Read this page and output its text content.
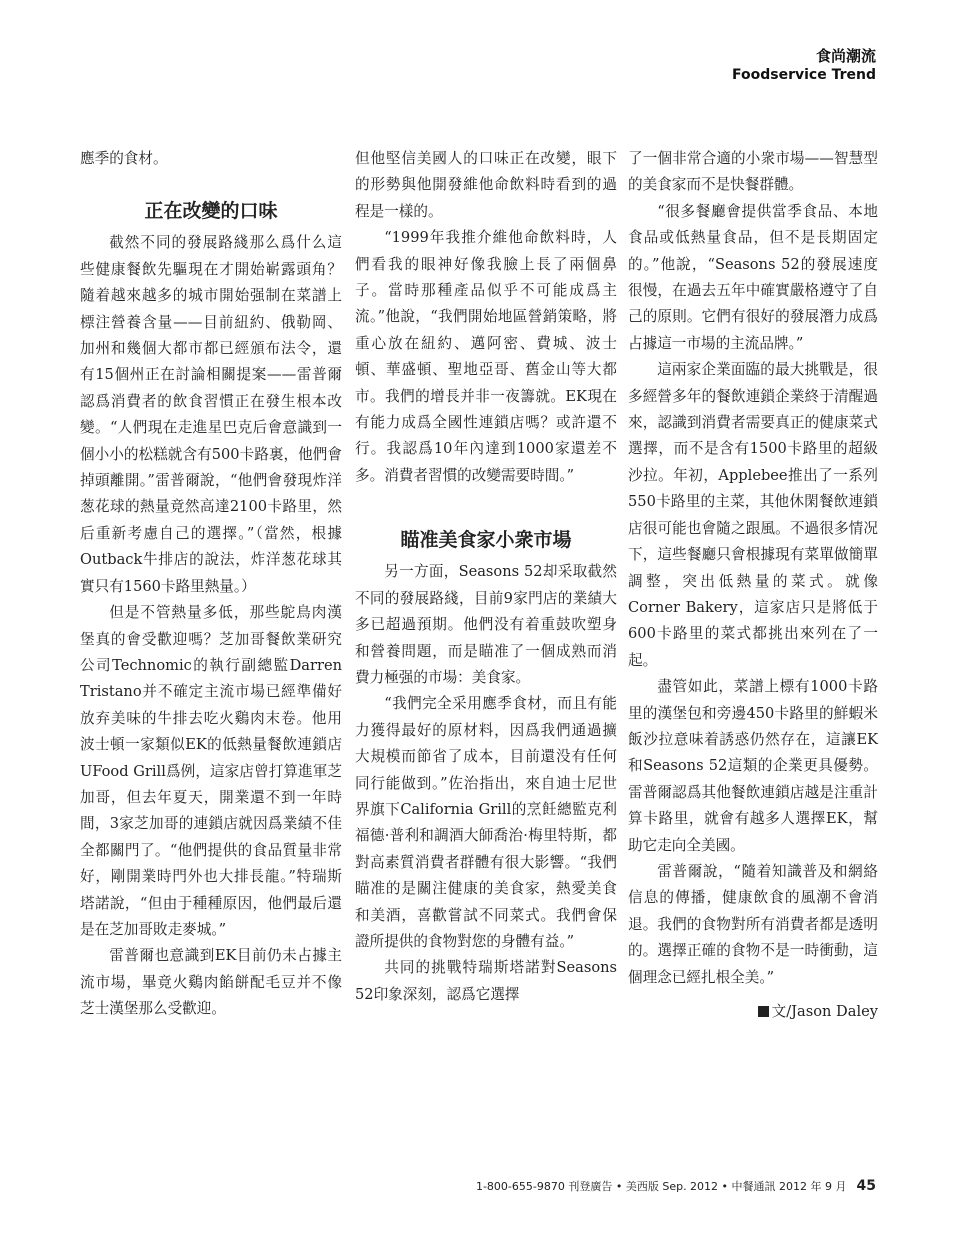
食尚潮流
Foodservice Trend

應季的食材。

正在改變的口味

截然不同的發展路綫那么爲什么這些健康餐飲先驅現在才開始嶄露頭角？隨着越來越多的城市開始强制在菜譜上標注營養含量——目前紐約、俄勒岡、加州和幾個大都市都已經頒布法令，還有15個州正在討論相關提案——雷普爾認爲消費者的飲食習慣正在發生根本改變。“人們現在走進星巴克后會意識到一個小小的松糕就含有500卡路裏，他們會掉頭離開。”雷普爾說，“他們會發現炸洋葱花球的熱量竟然高達2100卡路里，然后重新考慮自己的選擇。”（當然，根據Outback牛排店的說法，炸洋葱花球其實只有1560卡路里熱量。）

但是不管熱量多低，那些鴕鳥肉漢堡真的會受歡迎嗎？芝加哥餐飲業研究公司Technomic的執行副總監Darren Tristano并不確定主流市場已經準備好放弃美味的牛排去吃火鷄肉末卷。他用波士頓一家類似EK的低熱量餐飲連鎖店UFood Grill爲例，這家店曾打算進軍芝加哥，但去年夏天，開業還不到一年時間，3家芝加哥的連鎖店就因爲業績不佳全都關門了。“他們提供的食品質量非常好，剛開業時門外也大排長龍。”特瑞斯塔諾說，“但由于種種原因，他們最后還是在芝加哥敗走麥城。”

雷普爾也意識到EK目前仍未占據主流市場，畢竟火鷄肉餡餅配毛豆并不像芝士漢堡那么受歡迎。

但他堅信美國人的口味正在改變，眼下的形勢與他開發維他命飲料時看到的過程是一樣的。

“1999年我推介維他命飲料時，人們看我的眼神好像我臉上長了兩個鼻子。當時那種產品似乎不可能成爲主流。”他說，“我們開始地區營銷策略，將重心放在紐約、邁阿密、費城、波士頓、華盛頓、聖地亞哥、舊金山等大都市。我們的增長并非一夜籌就。EK現在有能力成爲全國性連鎖店嗎？或許還不行。我認爲10年內達到1000家還差不多。消費者習慣的改變需要時間。”

瞄准美食家小衆市場

另一方面，Seasons 52却采取截然不同的發展路綫，目前9家門店的業績大多已超過預期。他們没有着重鼓吹塑身和營養問題，而是瞄准了一個成熟而消費力極强的市場：美食家。

“我們完全采用應季食材，而且有能力獲得最好的原材料，因爲我們通過擴大規模而節省了成本，目前還没有任何同行能做到。”佐治指出，來自迪士尼世界旗下California Grill的烹飪總監克利福德·普利和調酒大師喬治·梅里特斯，都對高素質消費者群體有很大影響。“我們瞄准的是關注健康的美食家，熱愛美食和美酒，喜歡嘗試不同菜式。我們會保證所提供的食物對您的身體有益。”

共同的挑戰特瑞斯塔諾對Seasons 52印象深刻，認爲它選擇

了一個非常合適的小衆市場——智慧型的美食家而不是快餐群體。

“很多餐廳會提供當季食品、本地食品或低熱量食品，但不是長期固定的。”他說，“Seasons 52的發展速度很慢，在過去五年中確實嚴格遵守了自己的原則。它們有很好的發展潛力成爲占據這一市場的主流品牌。”

這兩家企業面臨的最大挑戰是，很多經營多年的餐飲連鎖企業終于清醒過來，認識到消費者需要真正的健康菜式選擇，而不是含有1500卡路里的超級沙拉。年初，Applebee推出了一系列550卡路里的主菜，其他休閑餐飲連鎖店很可能也會隨之跟風。不過很多情况下，這些餐廳只會根據現有菜單做簡單調整，突出低熱量的菜式。就像Corner Bakery，這家店只是將低于600卡路里的菜式都挑出來列在了一起。

盡管如此，菜譜上標有1000卡路里的漢堡包和旁邊450卡路里的鮮蝦米飯沙拉意味着誘惑仍然存在，這讓EK和Seasons 52這類的企業更具優勢。雷普爾認爲其他餐飲連鎖店越是注重計算卡路里，就會有越多人選擇EK，幫助它走向全美國。

雷普爾說，“隨着知識普及和網絡信息的傳播，健康飲食的風潮不會消退。我們的食物對所有消費者都是透明的。選擇正確的食物不是一時衝動，這個理念已經扎根全美。”

文/Jason Daley
1-800-655-9870 刊登廣告 • 美西版 Sep. 2012 • 中餐通訊 2012 年 9 月 45
